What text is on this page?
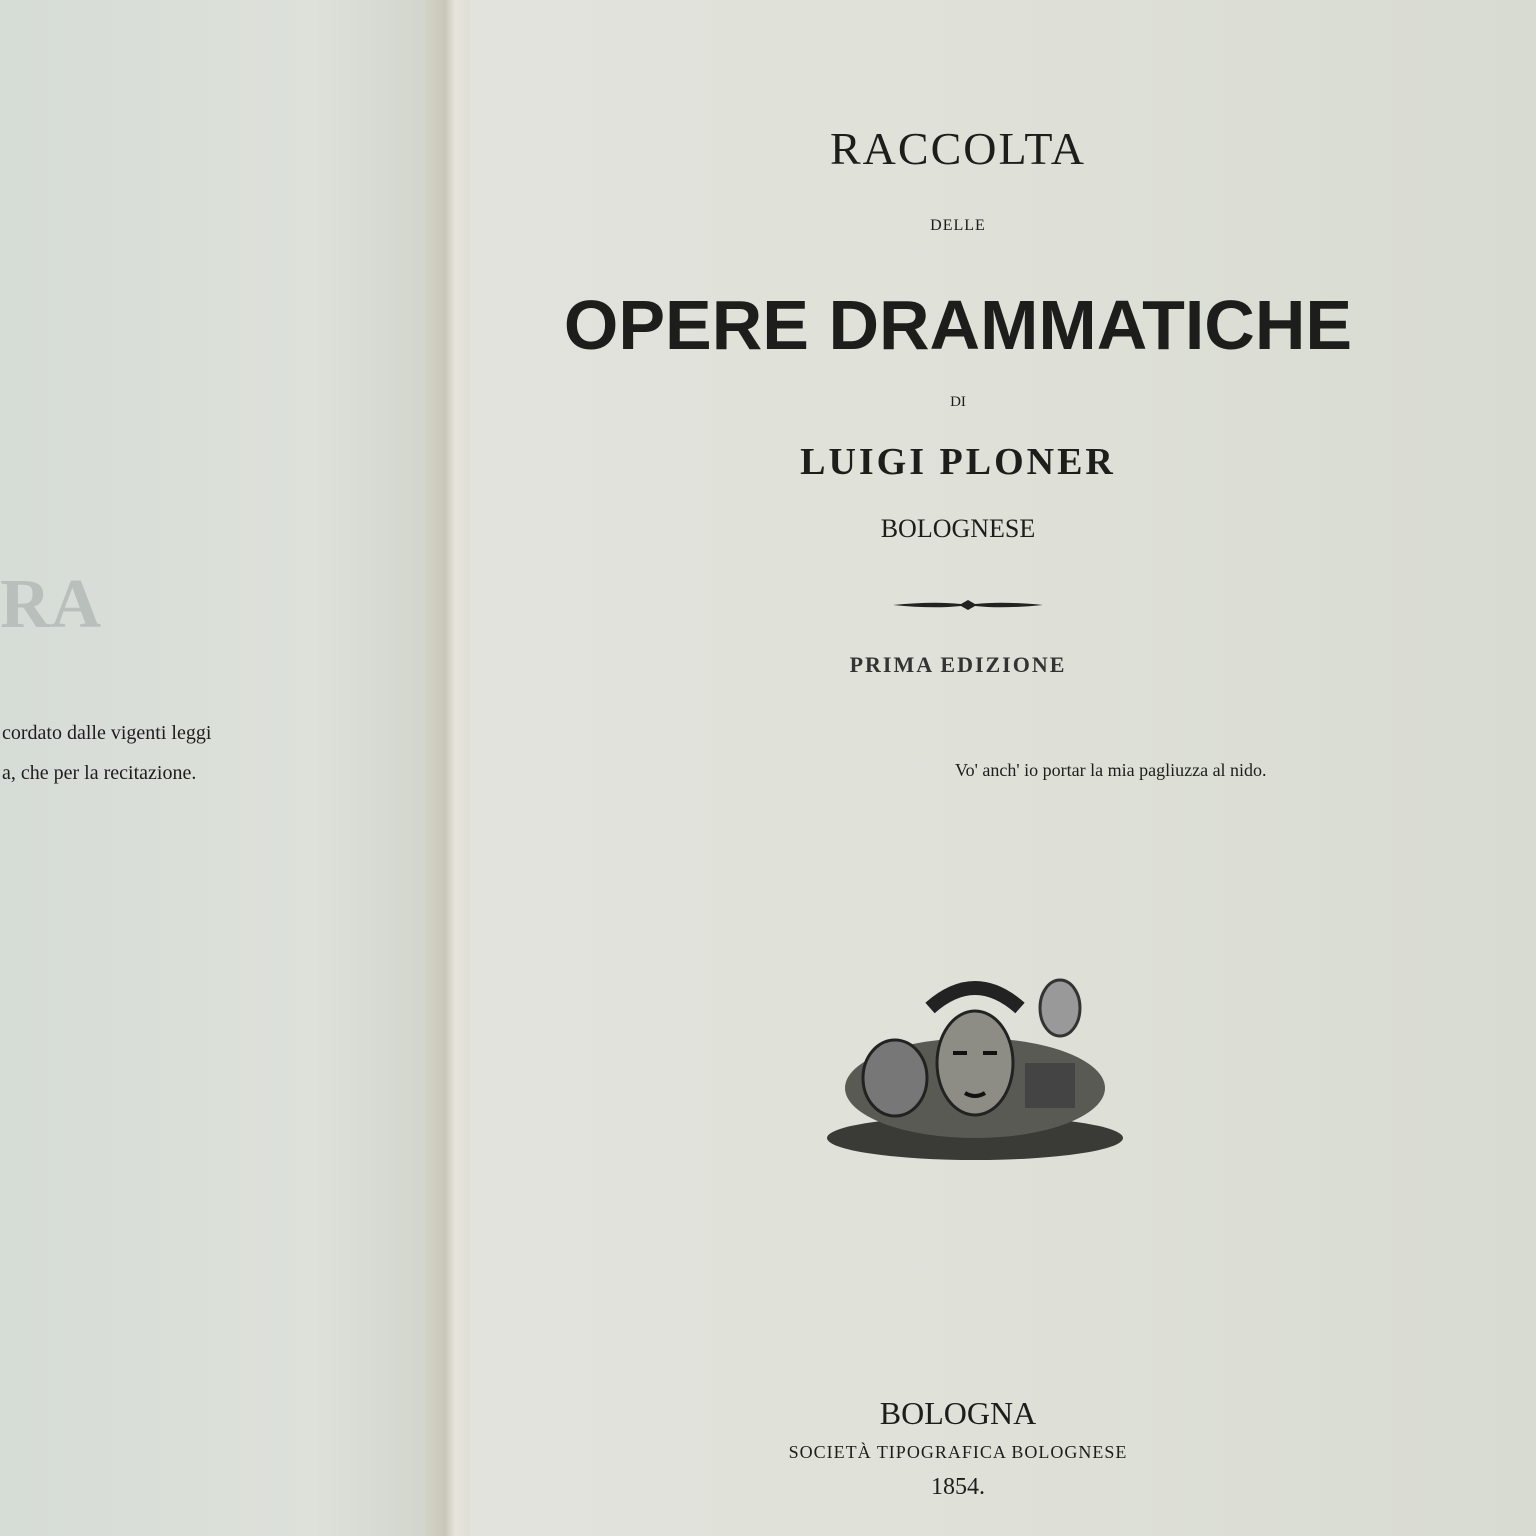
RA
cordato dalle vigenti leggi
a, che per la recitazione.
RACCOLTA
DELLE
OPERE DRAMMATICHE
DI
LUIGI PLONER
BOLOGNESE
PRIMA EDIZIONE
Vo' anch' io portar la mia pagliuzza al nido.
BOLOGNA
SOCIETÀ TIPOGRAFICA BOLOGNESE
1854.
